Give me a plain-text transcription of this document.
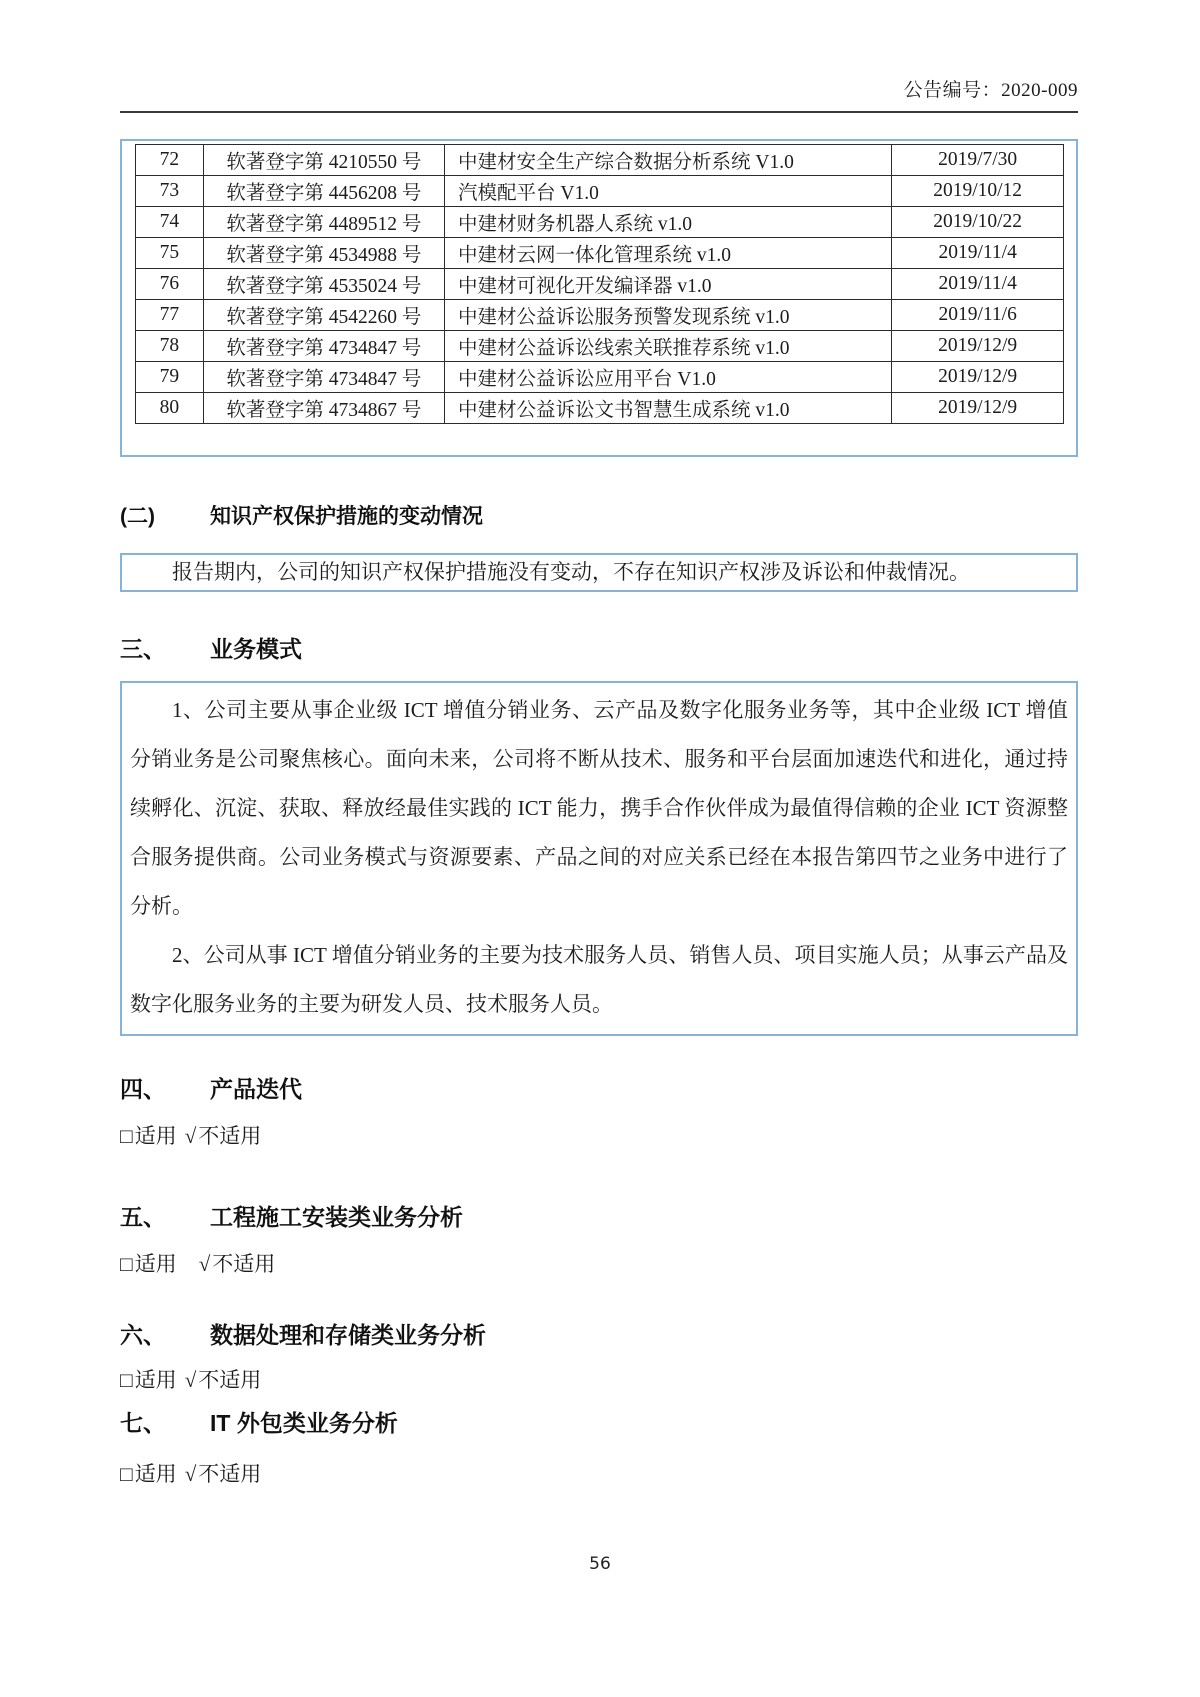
公告编号：2020-009
72	软著登字第 4210550 号	中建材安全生产综合数据分析系统 V1.0	2019/7/30
73	软著登字第 4456208 号	汽模配平台 V1.0	2019/10/12
74	软著登字第 4489512 号	中建材财务机器人系统 v1.0	2019/10/22
75	软著登字第 4534988 号	中建材云网一体化管理系统 v1.0	2019/11/4
76	软著登字第 4535024 号	中建材可视化开发编译器 v1.0	2019/11/4
77	软著登字第 4542260 号	中建材公益诉讼服务预警发现系统 v1.0	2019/11/6
78	软著登字第 4734847 号	中建材公益诉讼线索关联推荐系统 v1.0	2019/12/9
79	软著登字第 4734847 号	中建材公益诉讼应用平台 V1.0	2019/12/9
80	软著登字第 4734867 号	中建材公益诉讼文书智慧生成系统 v1.0	2019/12/9
(二)	知识产权保护措施的变动情况
报告期内，公司的知识产权保护措施没有变动，不存在知识产权涉及诉讼和仲裁情况。
三、	业务模式

1、公司主要从事企业级 ICT 增值分销业务、云产品及数字化服务业务等，其中企业级 ICT 增值分销业务是公司聚焦核心。面向未来，公司将不断从技术、服务和平台层面加速迭代和进化，通过持续孵化、沉淀、获取、释放经最佳实践的 ICT 能力，携手合作伙伴成为最值得信赖的企业 ICT 资源整合服务提供商。公司业务模式与资源要素、产品之间的对应关系已经在本报告第四节之业务中进行了分析。

2、公司从事 ICT 增值分销业务的主要为技术服务人员、销售人员、项目实施人员；从事云产品及数字化服务业务的主要为研发人员、技术服务人员。

四、	产品迭代
□ 适用 √ 不适用
五、	工程施工安装类业务分析
□ 适用 √ 不适用
六、	数据处理和存储类业务分析
□ 适用 √ 不适用
七、	IT 外包类业务分析
□ 适用 √ 不适用
56
